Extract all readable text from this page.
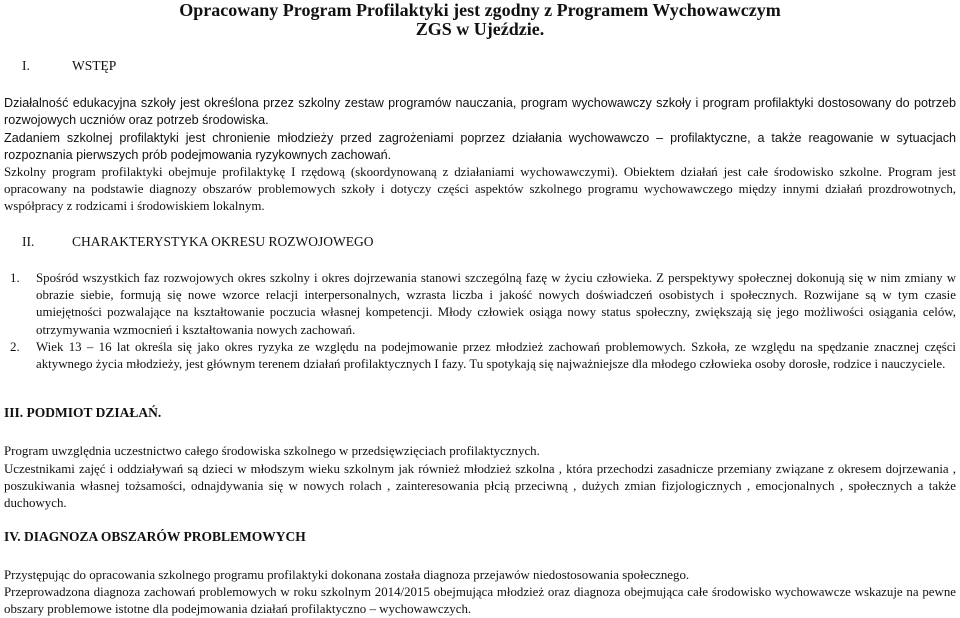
Opracowany Program Profilaktyki jest zgodny z Programem Wychowawczym
ZGS w Ujeździe.
I.	WSTĘP
Działalność edukacyjna szkoły jest określona przez szkolny zestaw programów nauczania, program wychowawczy szkoły i program profilaktyki dostosowany do potrzeb rozwojowych uczniów oraz potrzeb środowiska.
Zadaniem szkolnej profilaktyki jest chronienie młodzieży przed zagrożeniami poprzez działania wychowawczo – profilaktyczne, a także reagowanie w sytuacjach rozpoznania pierwszych prób podejmowania ryzykownych zachowań.
Szkolny program profilaktyki obejmuje profilaktykę I rzędową (skoordynowaną z działaniami wychowawczymi). Obiektem działań jest całe środowisko szkolne. Program jest opracowany na podstawie diagnozy obszarów problemowych szkoły i dotyczy części aspektów szkolnego programu wychowawczego między innymi działań prozdrowotnych, współpracy z rodzicami i środowiskiem lokalnym.
II.	CHARAKTERYSTYKA OKRESU ROZWOJOWEGO
1. Spośród wszystkich faz rozwojowych okres szkolny i okres dojrzewania stanowi szczególną fazę w życiu człowieka. Z perspektywy społecznej dokonują się w nim zmiany w obrazie siebie, formują się nowe wzorce relacji interpersonalnych, wzrasta liczba i jakość nowych doświadczeń osobistych i społecznych. Rozwijane są w tym czasie umiejętności pozwalające na kształtowanie poczucia własnej kompetencji. Młody człowiek osiąga nowy status społeczny, zwiększają się jego możliwości osiągania celów, otrzymywania wzmocnień i kształtowania nowych zachowań.
2. Wiek 13 – 16 lat określa się jako okres ryzyka ze względu na podejmowanie przez młodzież zachowań problemowych. Szkoła, ze względu na spędzanie znacznej części aktywnego życia młodzieży, jest głównym terenem działań profilaktycznych I fazy. Tu spotykają się najważniejsze dla młodego człowieka osoby dorosłe, rodzice i nauczyciele.
III. PODMIOT DZIAŁAŃ.
Program uwzględnia uczestnictwo całego środowiska szkolnego w przedsięwzięciach profilaktycznych.
Uczestnikami zajęć i oddziaływań są dzieci w młodszym wieku szkolnym jak również młodzież szkolna , która przechodzi zasadnicze przemiany związane z okresem dojrzewania , poszukiwania własnej tożsamości, odnajdywania się w nowych rolach , zainteresowania płcią przeciwną , dużych zmian fizjologicznych , emocjonalnych , społecznych a także duchowych.
IV. DIAGNOZA OBSZARÓW PROBLEMOWYCH
Przystępując do opracowania szkolnego programu profilaktyki dokonana została diagnoza przejawów niedostosowania społecznego.
Przeprowadzona diagnoza zachowań problemowych w roku szkolnym 2014/2015 obejmująca młodzież oraz diagnoza obejmująca całe środowisko wychowawcze wskazuje na pewne obszary problemowe istotne dla podejmowania działań profilaktyczno – wychowawczych.
